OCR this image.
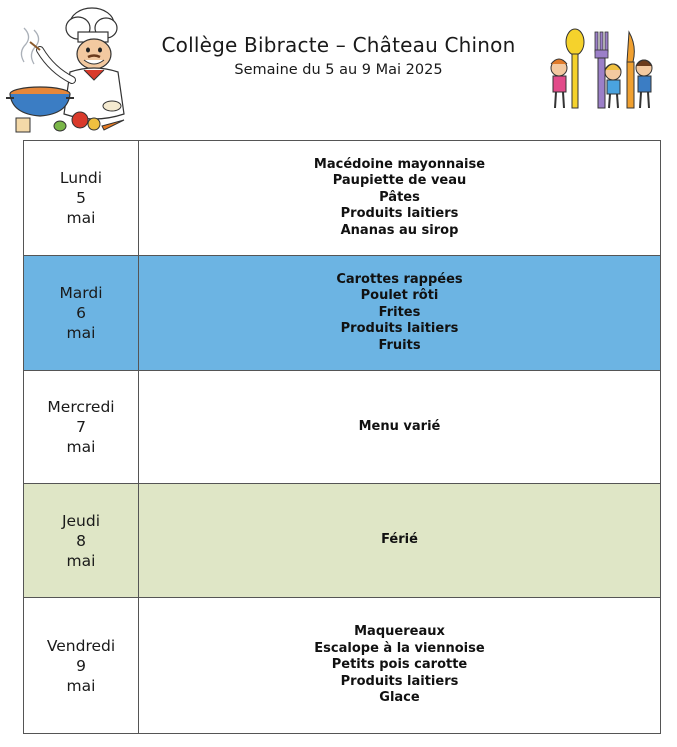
Collège Bibracte – Château Chinon
Semaine du 5 au 9 Mai 2025
Lundi
5
mai
Macédoine mayonnaise
Paupiette de veau
Pâtes
Produits laitiers
Ananas au sirop
Mardi
6
mai
Carottes rappées
Poulet rôti
Frites
Produits laitiers
Fruits
Mercredi
7
mai
Menu varié
Jeudi
8
mai
Férié
Vendredi
9
mai
Maquereaux
Escalope à la viennoise
Petits pois carotte
Produits laitiers
Glace
